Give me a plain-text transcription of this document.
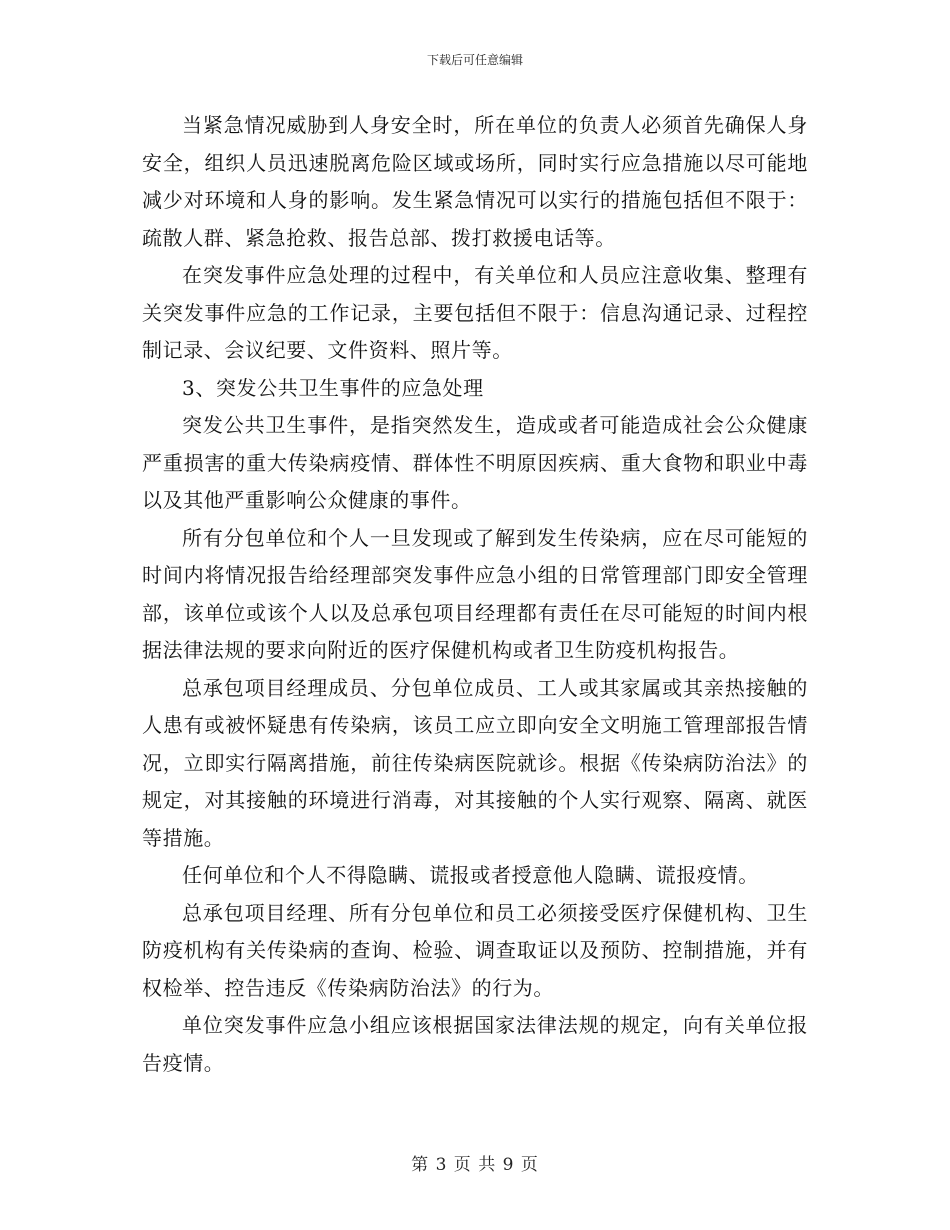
下载后可任意编辑

当紧急情况威胁到人身安全时，所在单位的负责人必须首先确保人身安全，组织人员迅速脱离危险区域或场所，同时实行应急措施以尽可能地减少对环境和人身的影响。发生紧急情况可以实行的措施包括但不限于：疏散人群、紧急抢救、报告总部、拨打救援电话等。

在突发事件应急处理的过程中，有关单位和人员应注意收集、整理有关突发事件应急的工作记录，主要包括但不限于：信息沟通记录、过程控制记录、会议纪要、文件资料、照片等。

3、突发公共卫生事件的应急处理

突发公共卫生事件，是指突然发生，造成或者可能造成社会公众健康严重损害的重大传染病疫情、群体性不明原因疾病、重大食物和职业中毒以及其他严重影响公众健康的事件。

所有分包单位和个人一旦发现或了解到发生传染病，应在尽可能短的时间内将情况报告给经理部突发事件应急小组的日常管理部门即安全管理部，该单位或该个人以及总承包项目经理都有责任在尽可能短的时间内根据法律法规的要求向附近的医疗保健机构或者卫生防疫机构报告。

总承包项目经理成员、分包单位成员、工人或其家属或其亲热接触的人患有或被怀疑患有传染病，该员工应立即向安全文明施工管理部报告情况，立即实行隔离措施，前往传染病医院就诊。根据《传染病防治法》的规定，对其接触的环境进行消毒，对其接触的个人实行观察、隔离、就医等措施。

任何单位和个人不得隐瞒、谎报或者授意他人隐瞒、谎报疫情。

总承包项目经理、所有分包单位和员工必须接受医疗保健机构、卫生防疫机构有关传染病的查询、检验、调查取证以及预防、控制措施，并有权检举、控告违反《传染病防治法》的行为。

单位突发事件应急小组应该根据国家法律法规的规定，向有关单位报告疫情。

第 3 页 共 9 页
